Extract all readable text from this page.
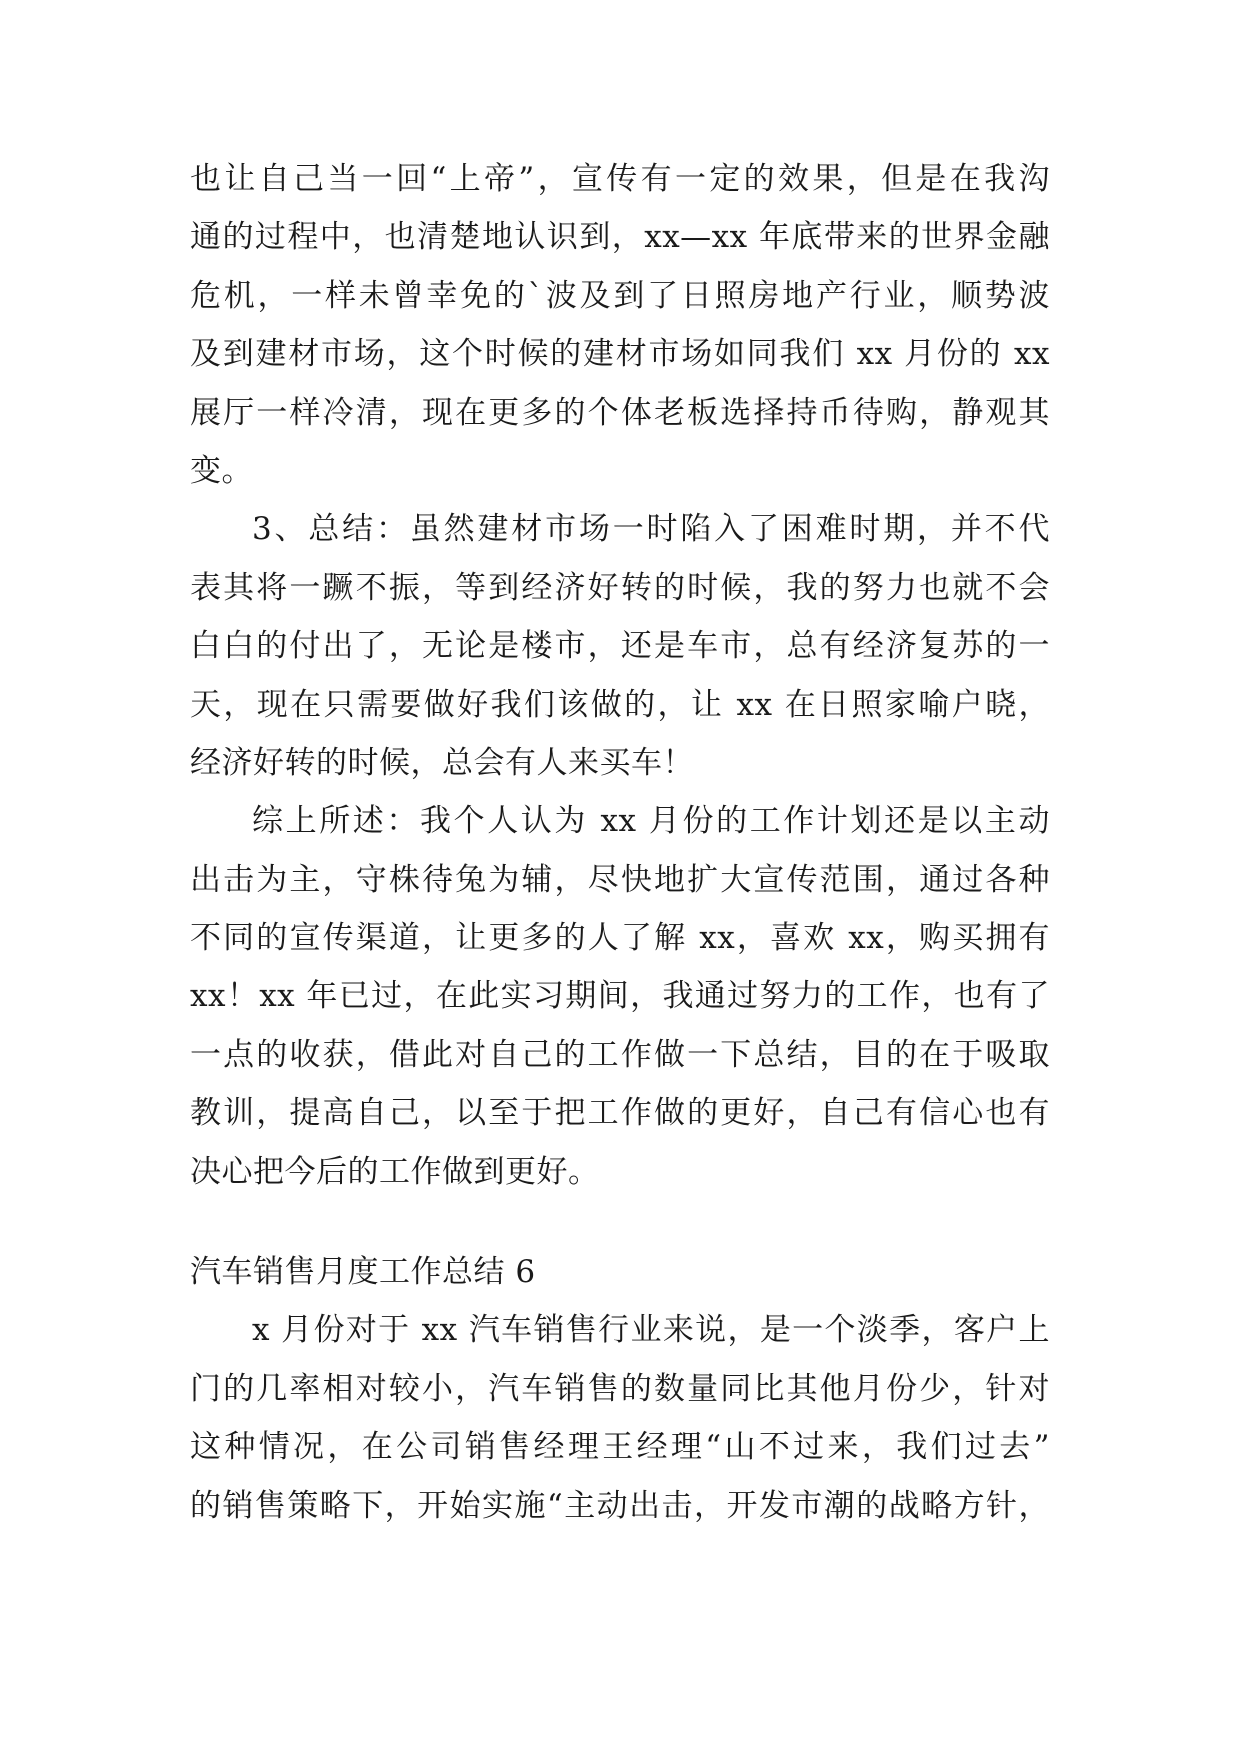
也让自己当一回“上帝”，宣传有一定的效果，但是在我沟
通的过程中，也清楚地认识到，xx—xx 年底带来的世界金融
危机，一样未曾幸免的`波及到了日照房地产行业，顺势波
及到建材市场，这个时候的建材市场如同我们 xx 月份的 xx
展厅一样冷清，现在更多的个体老板选择持币待购，静观其
变。
3、总结：虽然建材市场一时陷入了困难时期，并不代
表其将一蹶不振，等到经济好转的时候，我的努力也就不会
白白的付出了，无论是楼市，还是车市，总有经济复苏的一
天，现在只需要做好我们该做的，让 xx 在日照家喻户晓，
经济好转的时候，总会有人来买车！
综上所述：我个人认为 xx 月份的工作计划还是以主动
出击为主，守株待兔为辅，尽快地扩大宣传范围，通过各种
不同的宣传渠道，让更多的人了解 xx，喜欢 xx，购买拥有
xx！xx 年已过，在此实习期间，我通过努力的工作，也有了
一点的收获，借此对自己的工作做一下总结，目的在于吸取
教训，提高自己，以至于把工作做的更好，自己有信心也有
决心把今后的工作做到更好。
汽车销售月度工作总结 6
x 月份对于 xx 汽车销售行业来说，是一个淡季，客户上
门的几率相对较小，汽车销售的数量同比其他月份少，针对
这种情况，在公司销售经理王经理“山不过来，我们过去”
的销售策略下，开始实施“主动出击，开发市潮的战略方针，
